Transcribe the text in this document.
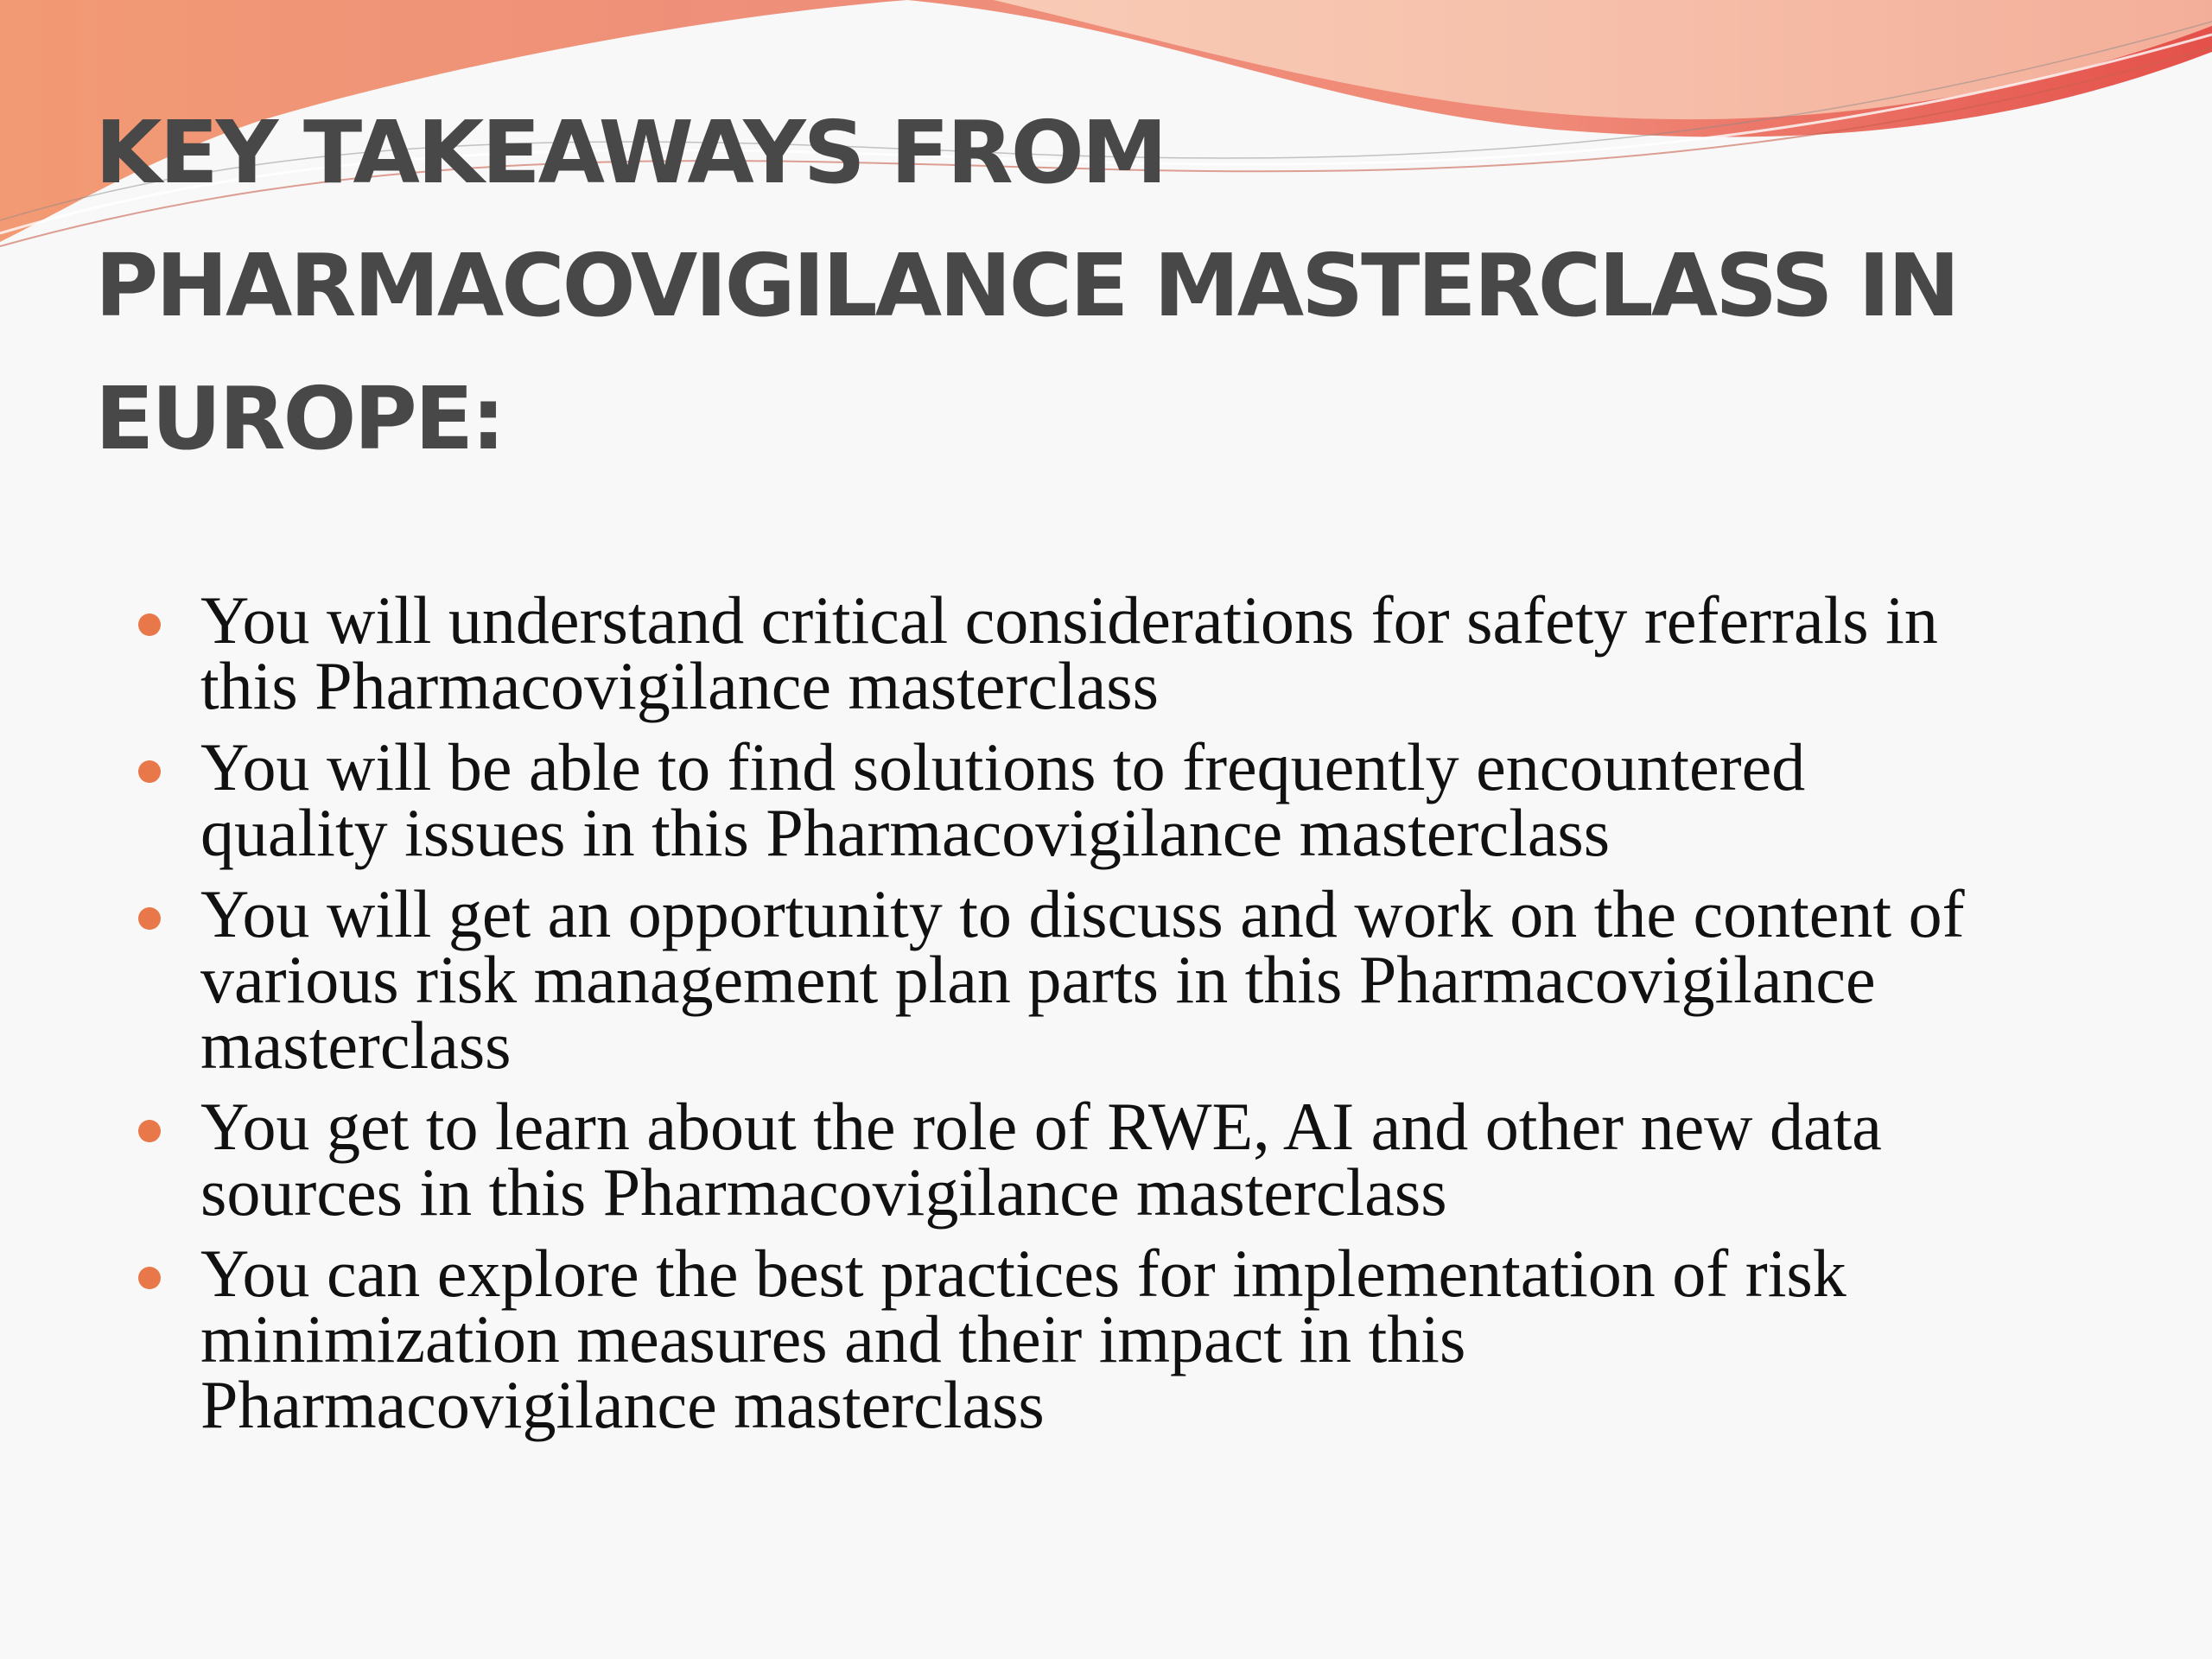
KEY TAKEAWAYS FROM
PHARMACOVIGILANCE MASTERCLASS IN
EUROPE:
You will understand critical considerations for safety referrals in
this Pharmacovigilance masterclass
You will be able to find solutions to frequently encountered
quality issues in this Pharmacovigilance masterclass
You will get an opportunity to discuss and work on the content of
various risk management plan parts in this Pharmacovigilance
masterclass
You get to learn about the role of RWE, AI and other new data
sources in this Pharmacovigilance masterclass
You can explore the best practices for implementation of risk
minimization measures and their impact in this
Pharmacovigilance masterclass
